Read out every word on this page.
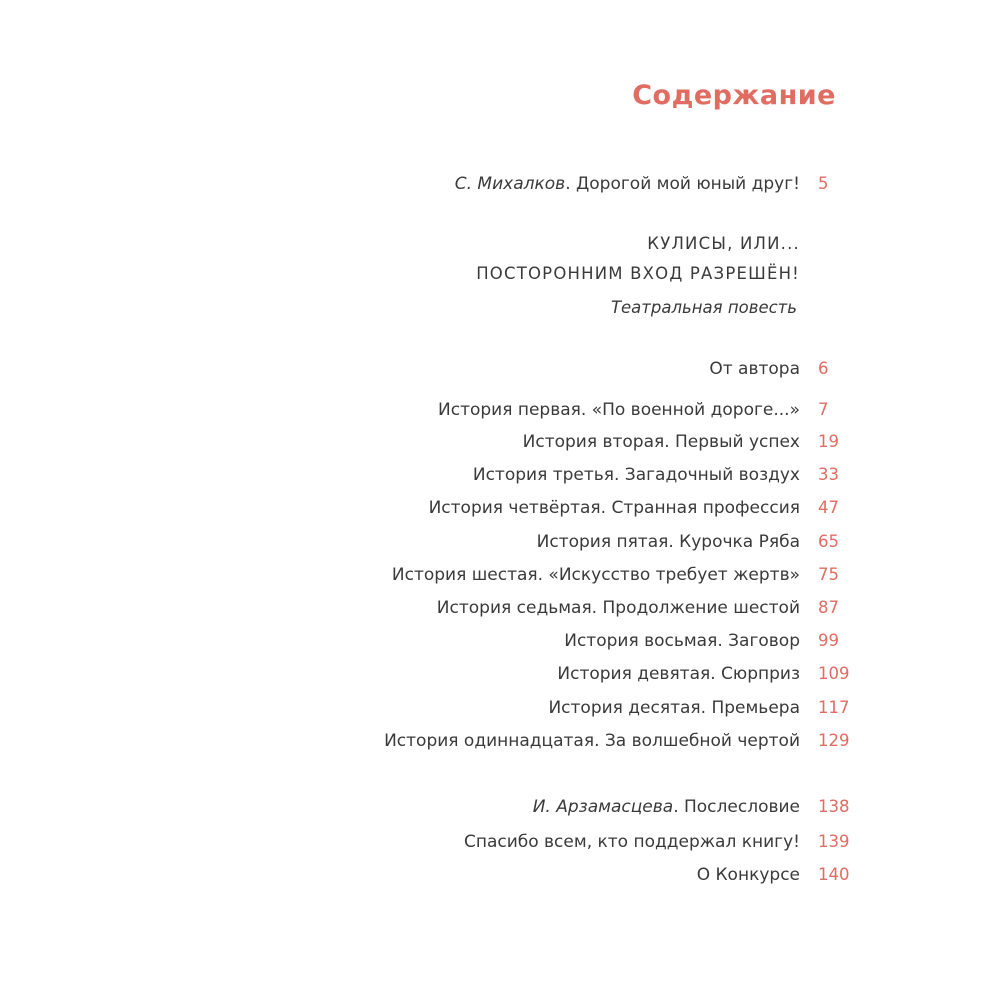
Содержание
С. Михалков. Дорогой мой юный друг! 5
КУЛИСЫ, ИЛИ...
ПОСТОРОННИМ ВХОД РАЗРЕШЁН!
Театральная повесть
От автора 6
История первая. «По военной дороге...» 7
История вторая. Первый успех 19
История третья. Загадочный воздух 33
История четвёртая. Странная профессия 47
История пятая. Курочка Ряба 65
История шестая. «Искусство требует жертв» 75
История седьмая. Продолжение шестой 87
История восьмая. Заговор 99
История девятая. Сюрприз 109
История десятая. Премьера 117
История одиннадцатая. За волшебной чертой 129
И. Арзамасцева. Послесловие 138
Спасибо всем, кто поддержал книгу! 139
О Конкурсе 140
